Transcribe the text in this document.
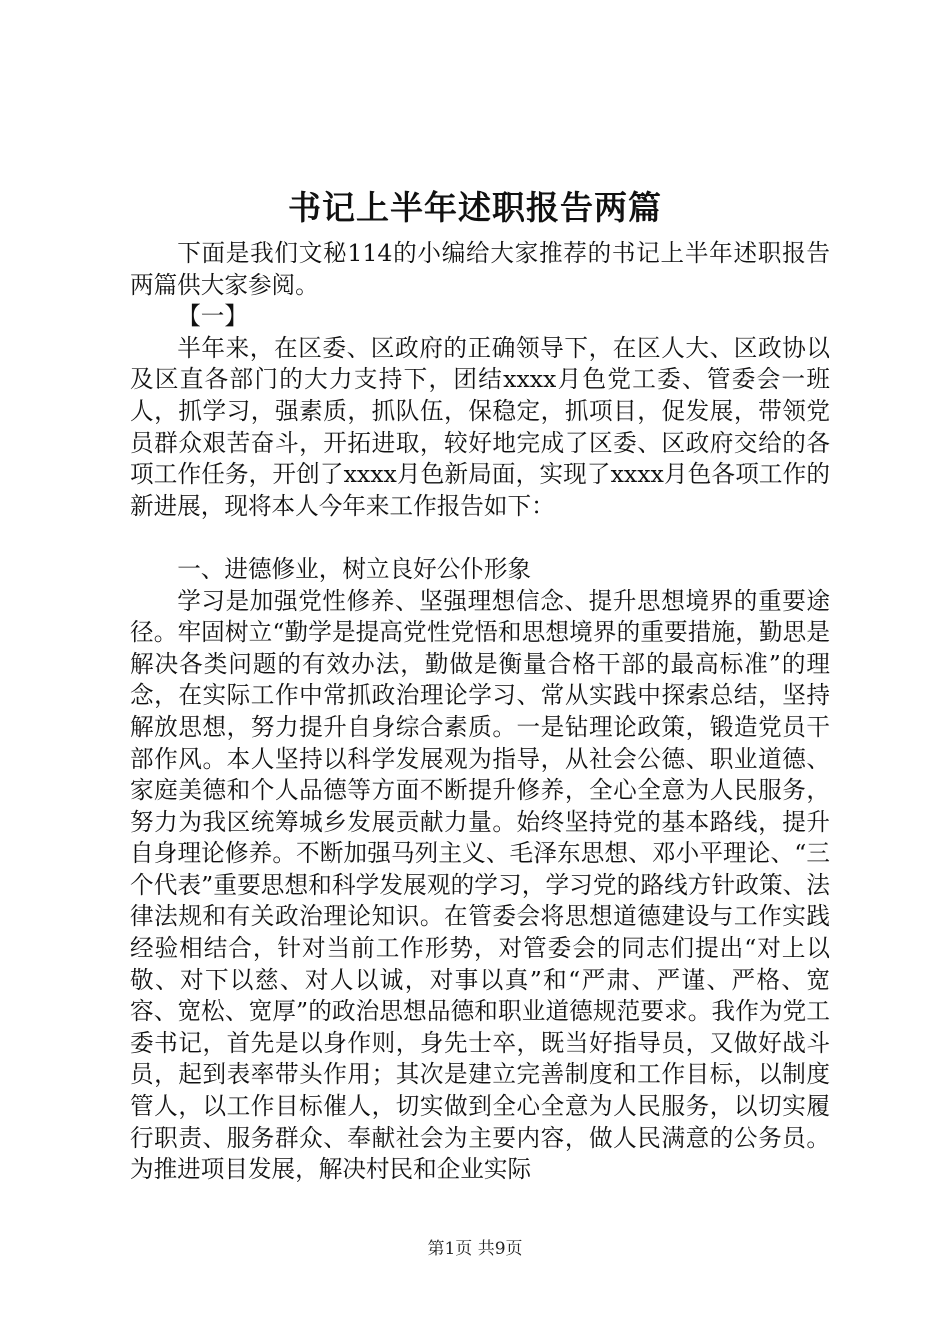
书记上半年述职报告两篇

下面是我们文秘114的小编给大家推荐的书记上半年述职报告两篇供大家参阅。

【一】

半年来，在区委、区政府的正确领导下，在区人大、区政协以及区直各部门的大力支持下，团结xxxx月色党工委、管委会一班人，抓学习，强素质，抓队伍，保稳定，抓项目，促发展，带领党员群众艰苦奋斗，开拓进取，较好地完成了区委、区政府交给的各项工作任务，开创了xxxx月色新局面，实现了xxxx月色各项工作的新进展，现将本人今年来工作报告如下：

一、进德修业，树立良好公仆形象

学习是加强党性修养、坚强理想信念、提升思想境界的重要途径。牢固树立“勤学是提高党性党悟和思想境界的重要措施，勤思是解决各类问题的有效办法，勤做是衡量合格干部的最高标准”的理念，在实际工作中常抓政治理论学习、常从实践中探索总结，坚持解放思想，努力提升自身综合素质。一是钻理论政策，锻造党员干部作风。本人坚持以科学发展观为指导，从社会公德、职业道德、家庭美德和个人品德等方面不断提升修养，全心全意为人民服务，努力为我区统筹城乡发展贡献力量。始终坚持党的基本路线，提升自身理论修养。不断加强马列主义、毛泽东思想、邓小平理论、“三个代表”重要思想和科学发展观的学习，学习党的路线方针政策、法律法规和有关政治理论知识。在管委会将思想道德建设与工作实践经验相结合，针对当前工作形势，对管委会的同志们提出“对上以敬、对下以慈、对人以诚，对事以真”和“严肃、严谨、严格、宽容、宽松、宽厚”的政治思想品德和职业道德规范要求。我作为党工委书记，首先是以身作则，身先士卒，既当好指导员，又做好战斗员，起到表率带头作用；其次是建立完善制度和工作目标，以制度管人，以工作目标催人，切实做到全心全意为人民服务，以切实履行职责、服务群众、奉献社会为主要内容，做人民满意的公务员。为推进项目发展，解决村民和企业实际

第1页 共9页
